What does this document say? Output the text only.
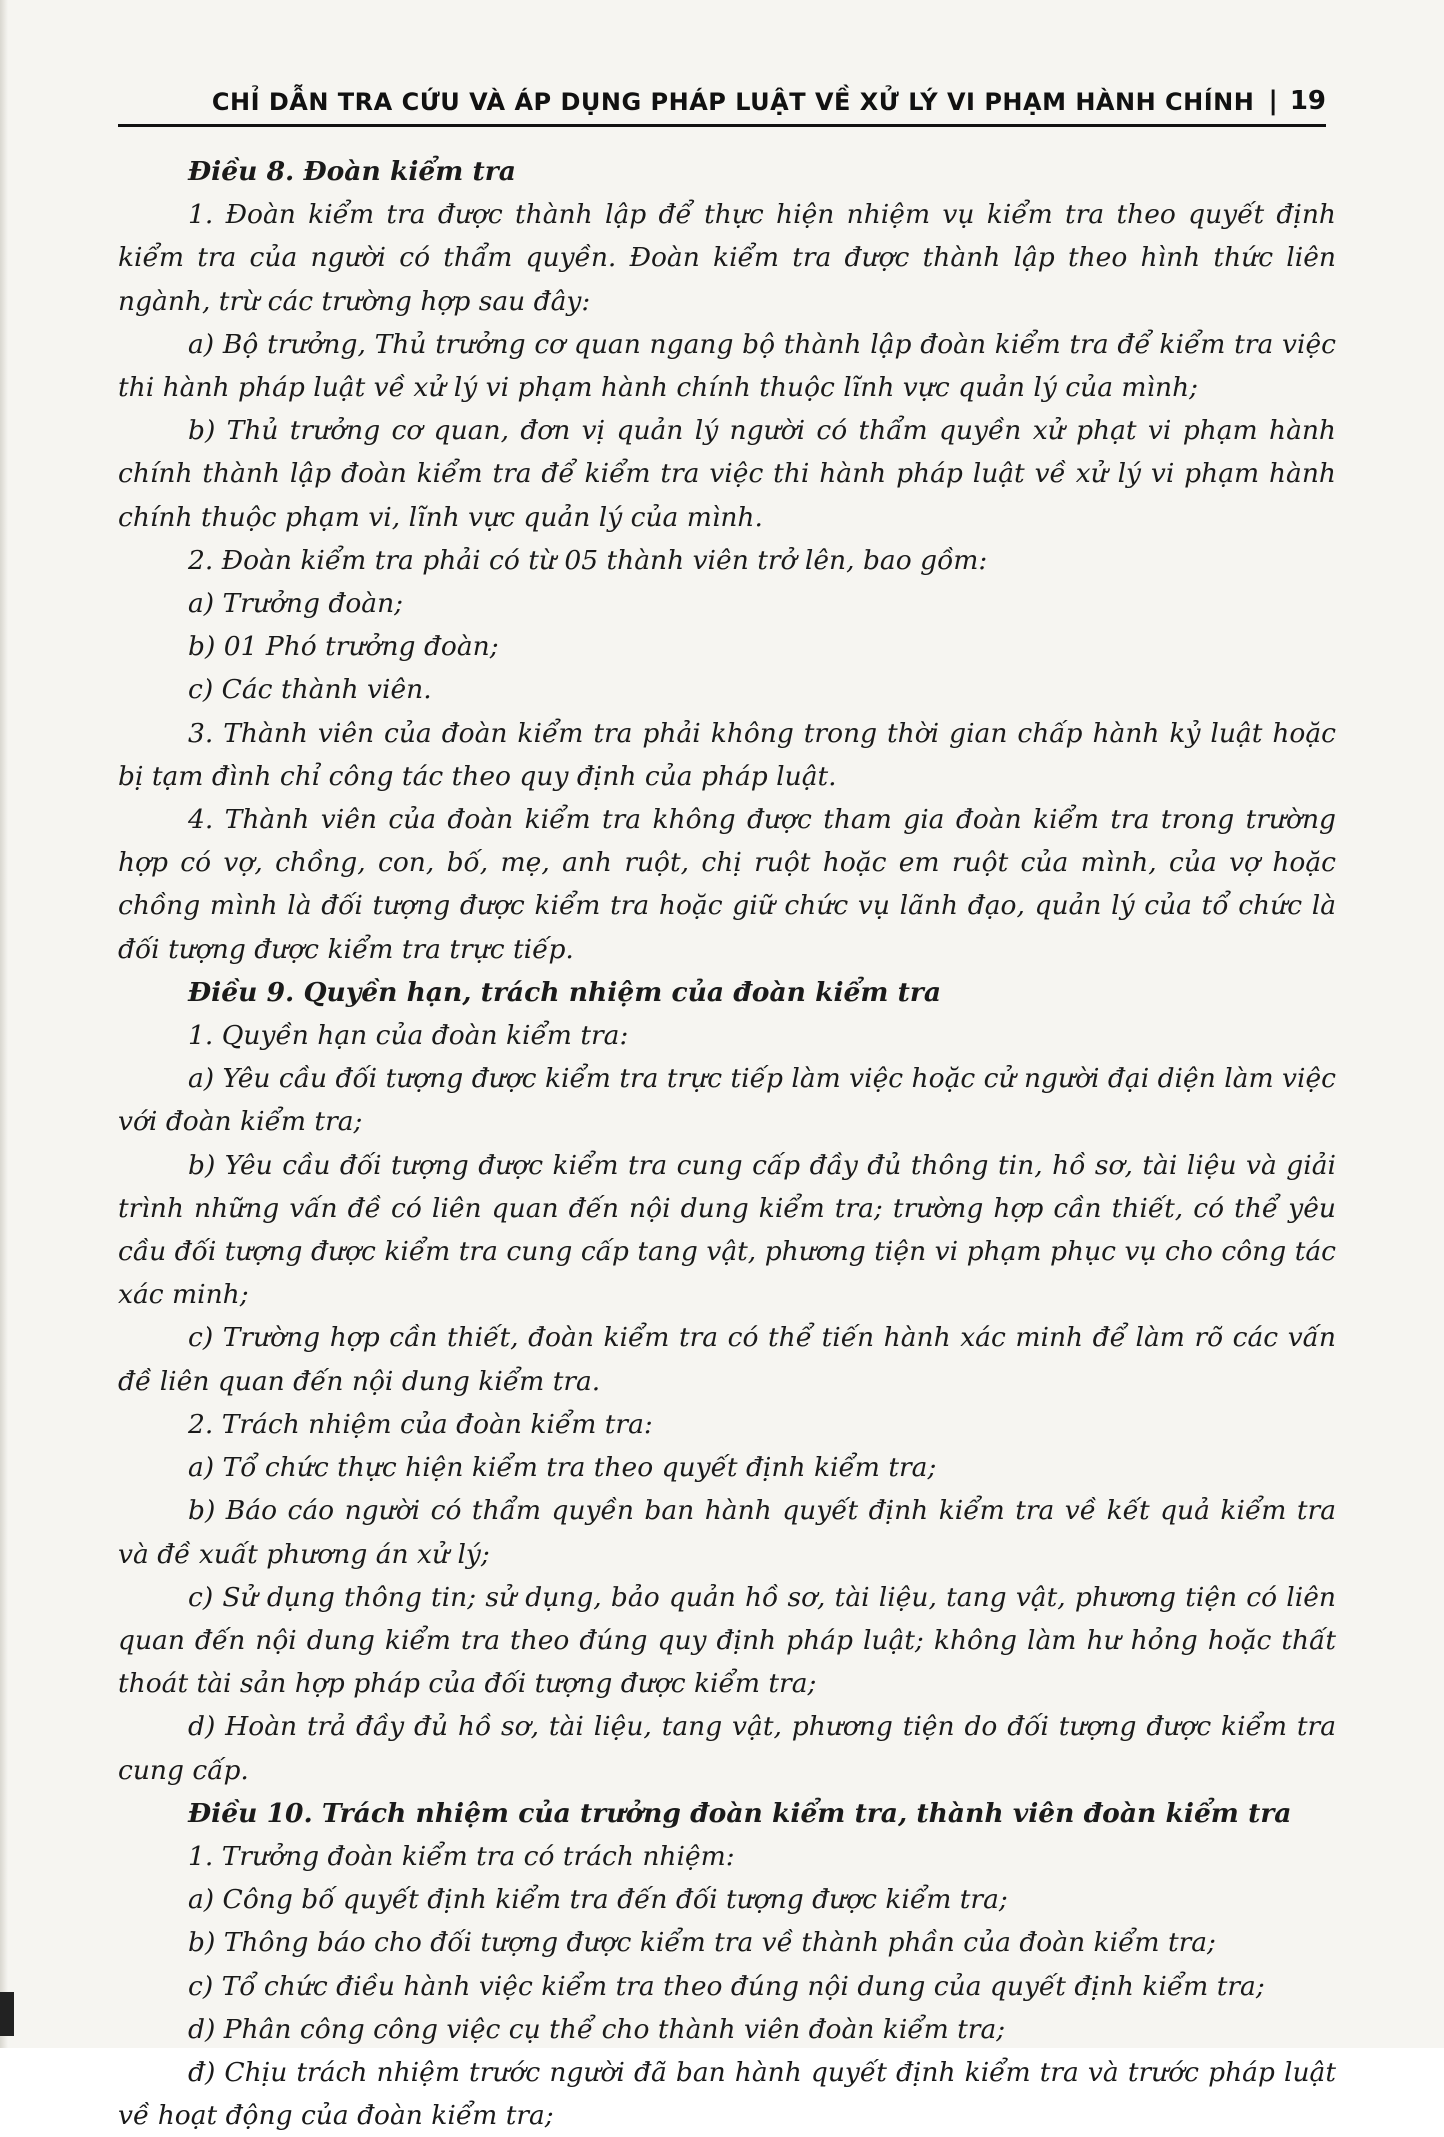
CHỈ DẪN TRA CỨU VÀ ÁP DỤNG PHÁP LUẬT VỀ XỬ LÝ VI PHẠM HÀNH CHÍNH | 19

Điều 8. Đoàn kiểm tra

1. Đoàn kiểm tra được thành lập để thực hiện nhiệm vụ kiểm tra theo quyết định kiểm tra của người có thẩm quyền. Đoàn kiểm tra được thành lập theo hình thức liên ngành, trừ các trường hợp sau đây:

a) Bộ trưởng, Thủ trưởng cơ quan ngang bộ thành lập đoàn kiểm tra để kiểm tra việc thi hành pháp luật về xử lý vi phạm hành chính thuộc lĩnh vực quản lý của mình;

b) Thủ trưởng cơ quan, đơn vị quản lý người có thẩm quyền xử phạt vi phạm hành chính thành lập đoàn kiểm tra để kiểm tra việc thi hành pháp luật về xử lý vi phạm hành chính thuộc phạm vi, lĩnh vực quản lý của mình.

2. Đoàn kiểm tra phải có từ 05 thành viên trở lên, bao gồm:

a) Trưởng đoàn;

b) 01 Phó trưởng đoàn;

c) Các thành viên.

3. Thành viên của đoàn kiểm tra phải không trong thời gian chấp hành kỷ luật hoặc bị tạm đình chỉ công tác theo quy định của pháp luật.

4. Thành viên của đoàn kiểm tra không được tham gia đoàn kiểm tra trong trường hợp có vợ, chồng, con, bố, mẹ, anh ruột, chị ruột hoặc em ruột của mình, của vợ hoặc chồng mình là đối tượng được kiểm tra hoặc giữ chức vụ lãnh đạo, quản lý của tổ chức là đối tượng được kiểm tra trực tiếp.

Điều 9. Quyền hạn, trách nhiệm của đoàn kiểm tra

1. Quyền hạn của đoàn kiểm tra:

a) Yêu cầu đối tượng được kiểm tra trực tiếp làm việc hoặc cử người đại diện làm việc với đoàn kiểm tra;

b) Yêu cầu đối tượng được kiểm tra cung cấp đầy đủ thông tin, hồ sơ, tài liệu và giải trình những vấn đề có liên quan đến nội dung kiểm tra; trường hợp cần thiết, có thể yêu cầu đối tượng được kiểm tra cung cấp tang vật, phương tiện vi phạm phục vụ cho công tác xác minh;

c) Trường hợp cần thiết, đoàn kiểm tra có thể tiến hành xác minh để làm rõ các vấn đề liên quan đến nội dung kiểm tra.

2. Trách nhiệm của đoàn kiểm tra:

a) Tổ chức thực hiện kiểm tra theo quyết định kiểm tra;

b) Báo cáo người có thẩm quyền ban hành quyết định kiểm tra về kết quả kiểm tra và đề xuất phương án xử lý;

c) Sử dụng thông tin; sử dụng, bảo quản hồ sơ, tài liệu, tang vật, phương tiện có liên quan đến nội dung kiểm tra theo đúng quy định pháp luật; không làm hư hỏng hoặc thất thoát tài sản hợp pháp của đối tượng được kiểm tra;

d) Hoàn trả đầy đủ hồ sơ, tài liệu, tang vật, phương tiện do đối tượng được kiểm tra cung cấp.

Điều 10. Trách nhiệm của trưởng đoàn kiểm tra, thành viên đoàn kiểm tra

1. Trưởng đoàn kiểm tra có trách nhiệm:

a) Công bố quyết định kiểm tra đến đối tượng được kiểm tra;

b) Thông báo cho đối tượng được kiểm tra về thành phần của đoàn kiểm tra;

c) Tổ chức điều hành việc kiểm tra theo đúng nội dung của quyết định kiểm tra;

d) Phân công công việc cụ thể cho thành viên đoàn kiểm tra;

đ) Chịu trách nhiệm trước người đã ban hành quyết định kiểm tra và trước pháp luật về hoạt động của đoàn kiểm tra;
